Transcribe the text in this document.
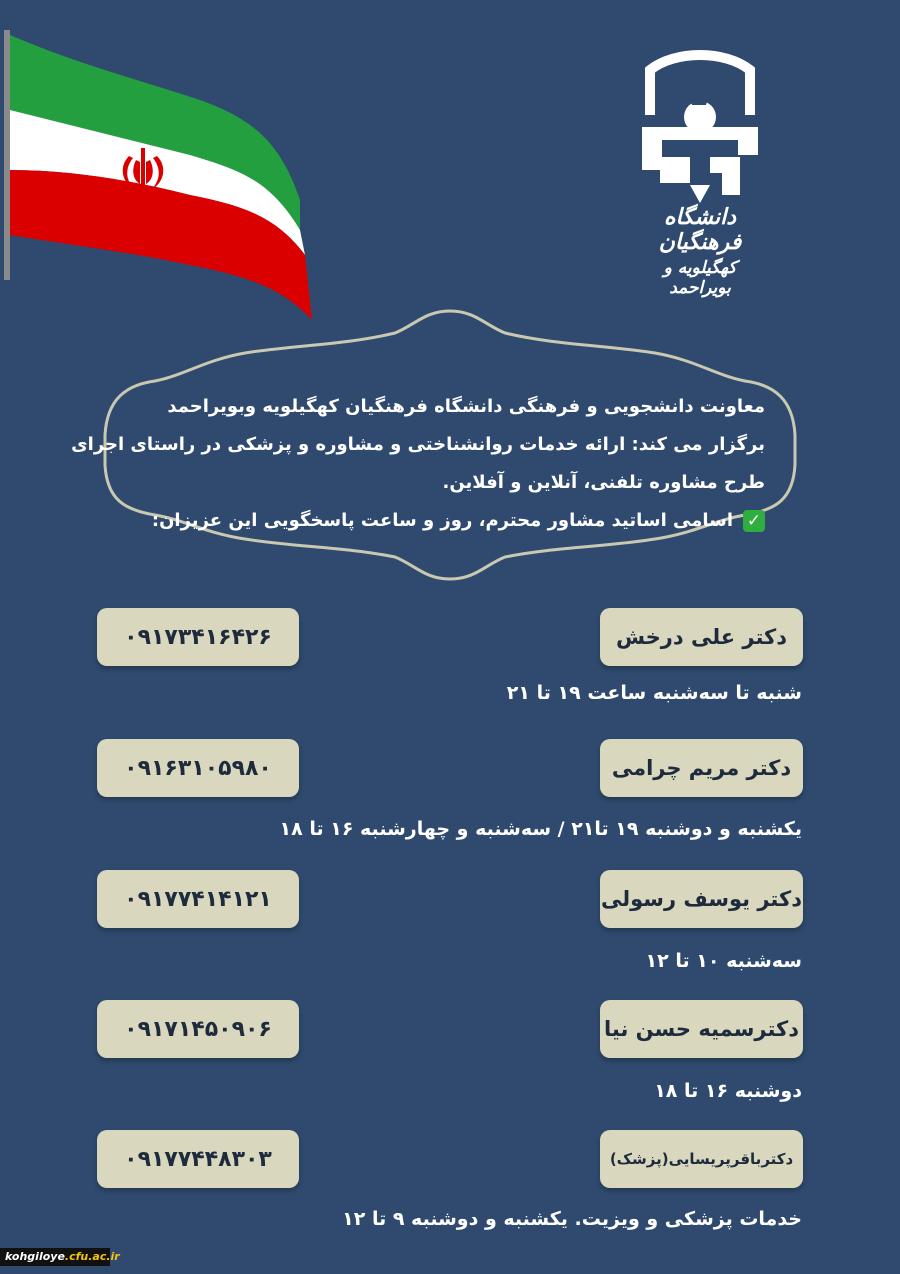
دانشگاه فرهنگیان
کهگیلویه و بویراحمد
معاونت دانشجویی و فرهنگی دانشگاه فرهنگیان کهگیلویه وبویراحمد
برگزار می کند: ارائه خدمات روانشناختی و مشاوره و پزشکی در راستای اجرای
طرح مشاوره تلفنی، آنلاین و آفلاین.
✓اسامی اساتید مشاور محترم، روز و ساعت پاسخگویی این عزیزان:
دکتر علی درخش
۰۹۱۷۳۴۱۶۴۲۶
شنبه تا سه‌شنبه ساعت ۱۹ تا ۲۱
دکتر مریم چرامی
۰۹۱۶۳۱۰۵۹۸۰
یکشنبه و دوشنبه ۱۹ تا۲۱ / سه‌شنبه و چهارشنبه ۱۶ تا ۱۸
دکتر یوسف رسولی
۰۹۱۷۷۴۱۴۱۲۱
سه‌شنبه ۱۰ تا ۱۲
دکترسمیه حسن نیا
۰۹۱۷۱۴۵۰۹۰۶
دوشنبه ۱۶ تا ۱۸
دکترباقرپریسایی(پزشک)
۰۹۱۷۷۴۴۸۳۰۳
خدمات پزشکی و ویزیت. یکشنبه و دوشنبه ۹ تا ۱۲
kohgiloye.cfu.ac.ir
